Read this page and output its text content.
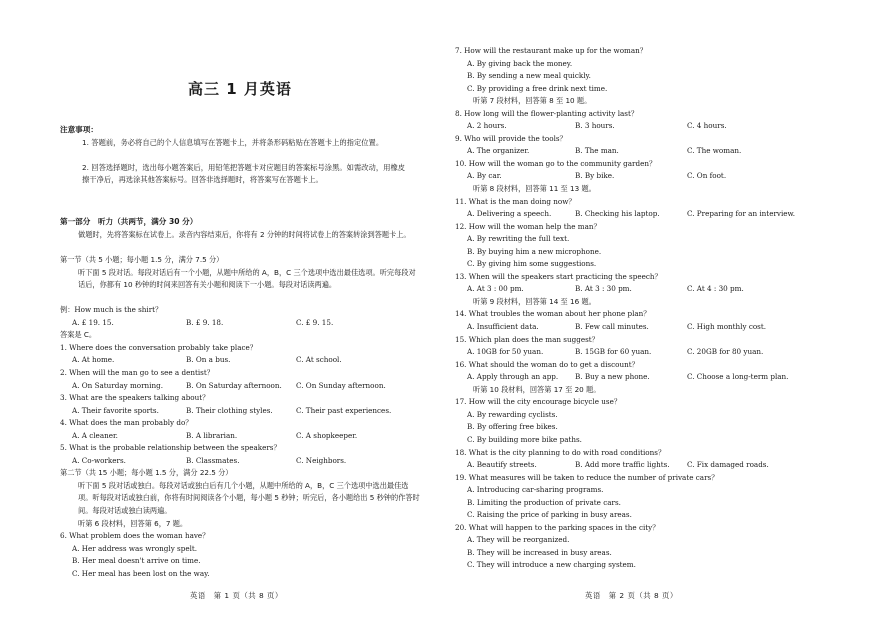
高三 1 月英语
注意事项：
1. 答题前，务必将自己的个人信息填写在答题卡上，并将条形码粘贴在答题卡上的指定位置。
2. 回答选择题时，选出每小题答案后，用铅笔把答题卡对应题目的答案标号涂黑。如需改动，用橡皮擦干净后，再选涂其他答案标号。回答非选择题时，将答案写在答题卡上。
第一部分　听力（共两节，满分 30 分）
做题时，先将答案标在试卷上。录音内容结束后，你将有 2 分钟的时间将试卷上的答案转涂到答题卡上。
第一节（共 5 小题；每小题 1.5 分，满分 7.5 分）
听下面 5 段对话。每段对话后有一个小题，从题中所给的 A，B，C 三个选项中选出最佳选项。听完每段对话后，你都有 10 秒钟的时间来回答有关小题和阅读下一小题。每段对话读两遍。
例：How much is the shirt？
A. £ 19. 15.	B. £ 9. 18.	C. £ 9. 15.
答案是 C。
1. Where does the conversation probably take place？
A. At home.	B. On a bus.	C. At school.
2. When will the man go to see a dentist？
A. On Saturday morning.	B. On Saturday afternoon. C. On Sunday afternoon.
3. What are the speakers talking about？
A. Their favorite sports.	B. Their clothing styles.	C. Their past experiences.
4. What does the man probably do？
A. A cleaner.	B. A librarian.	C. A shopkeeper.
5. What is the probable relationship between the speakers？
A. Co-workers.	B. Classmates.	C. Neighbors.
第二节（共 15 小题；每小题 1.5 分，满分 22.5 分）
听下面 5 段对话或独白。每段对话或独白后有几个小题，从题中所给的 A，B，C 三个选项中选出最佳选项。听每段对话或独白前，你将有时间阅读各个小题，每小题 5 秒钟；听完后，各小题给出 5 秒钟的作答时间。每段对话或独白读两遍。
听第 6 段材料，回答第 6，7 题。
6. What problem does the woman have？
A. Her address was wrongly spelt.
B. Her meal doesn't arrive on time.
C. Her meal has been lost on the way.
英语　第 1 页（共 8 页）
7. How will the restaurant make up for the woman？
A. By giving back the money.
B. By sending a new meal quickly.
C. By providing a free drink next time.
听第 7 段材料，回答第 8 至 10 题。
8. How long will the flower-planting activity last？
A. 2 hours.	B. 3 hours.	C. 4 hours.
9. Who will provide the tools？
A. The organizer.	B. The man.	C. The woman.
10. How will the woman go to the community garden？
A. By car.	B. By bike.	C. On foot.
听第 8 段材料，回答第 11 至 13 题。
11. What is the man doing now？
A. Delivering a speech.	B. Checking his laptop.	C. Preparing for an interview.
12. How will the woman help the man？
A. By rewriting the full text.
B. By buying him a new microphone.
C. By giving him some suggestions.
13. When will the speakers start practicing the speech？
A. At 3 : 00 pm.	B. At 3 : 30 pm.	C. At 4 : 30 pm.
听第 9 段材料，回答第 14 至 16 题。
14. What troubles the woman about her phone plan？
A. Insufficient data.	B. Few call minutes.	C. High monthly cost.
15. Which plan does the man suggest？
A. 10GB for 50 yuan.	B. 15GB for 60 yuan.	C. 20GB for 80 yuan.
16. What should the woman do to get a discount？
A. Apply through an app. B. Buy a new phone.	C. Choose a long-term plan.
听第 10 段材料，回答第 17 至 20 题。
17. How will the city encourage bicycle use？
A. By rewarding cyclists.
B. By offering free bikes.
C. By building more bike paths.
18. What is the city planning to do with road conditions？
A. Beautify streets.	B. Add more traffic lights. C. Fix damaged roads.
19. What measures will be taken to reduce the number of private cars？
A. Introducing car-sharing programs.
B. Limiting the production of private cars.
C. Raising the price of parking in busy areas.
20. What will happen to the parking spaces in the city？
A. They will be reorganized.
B. They will be increased in busy areas.
C. They will introduce a new charging system.
英语　第 2 页（共 8 页）
